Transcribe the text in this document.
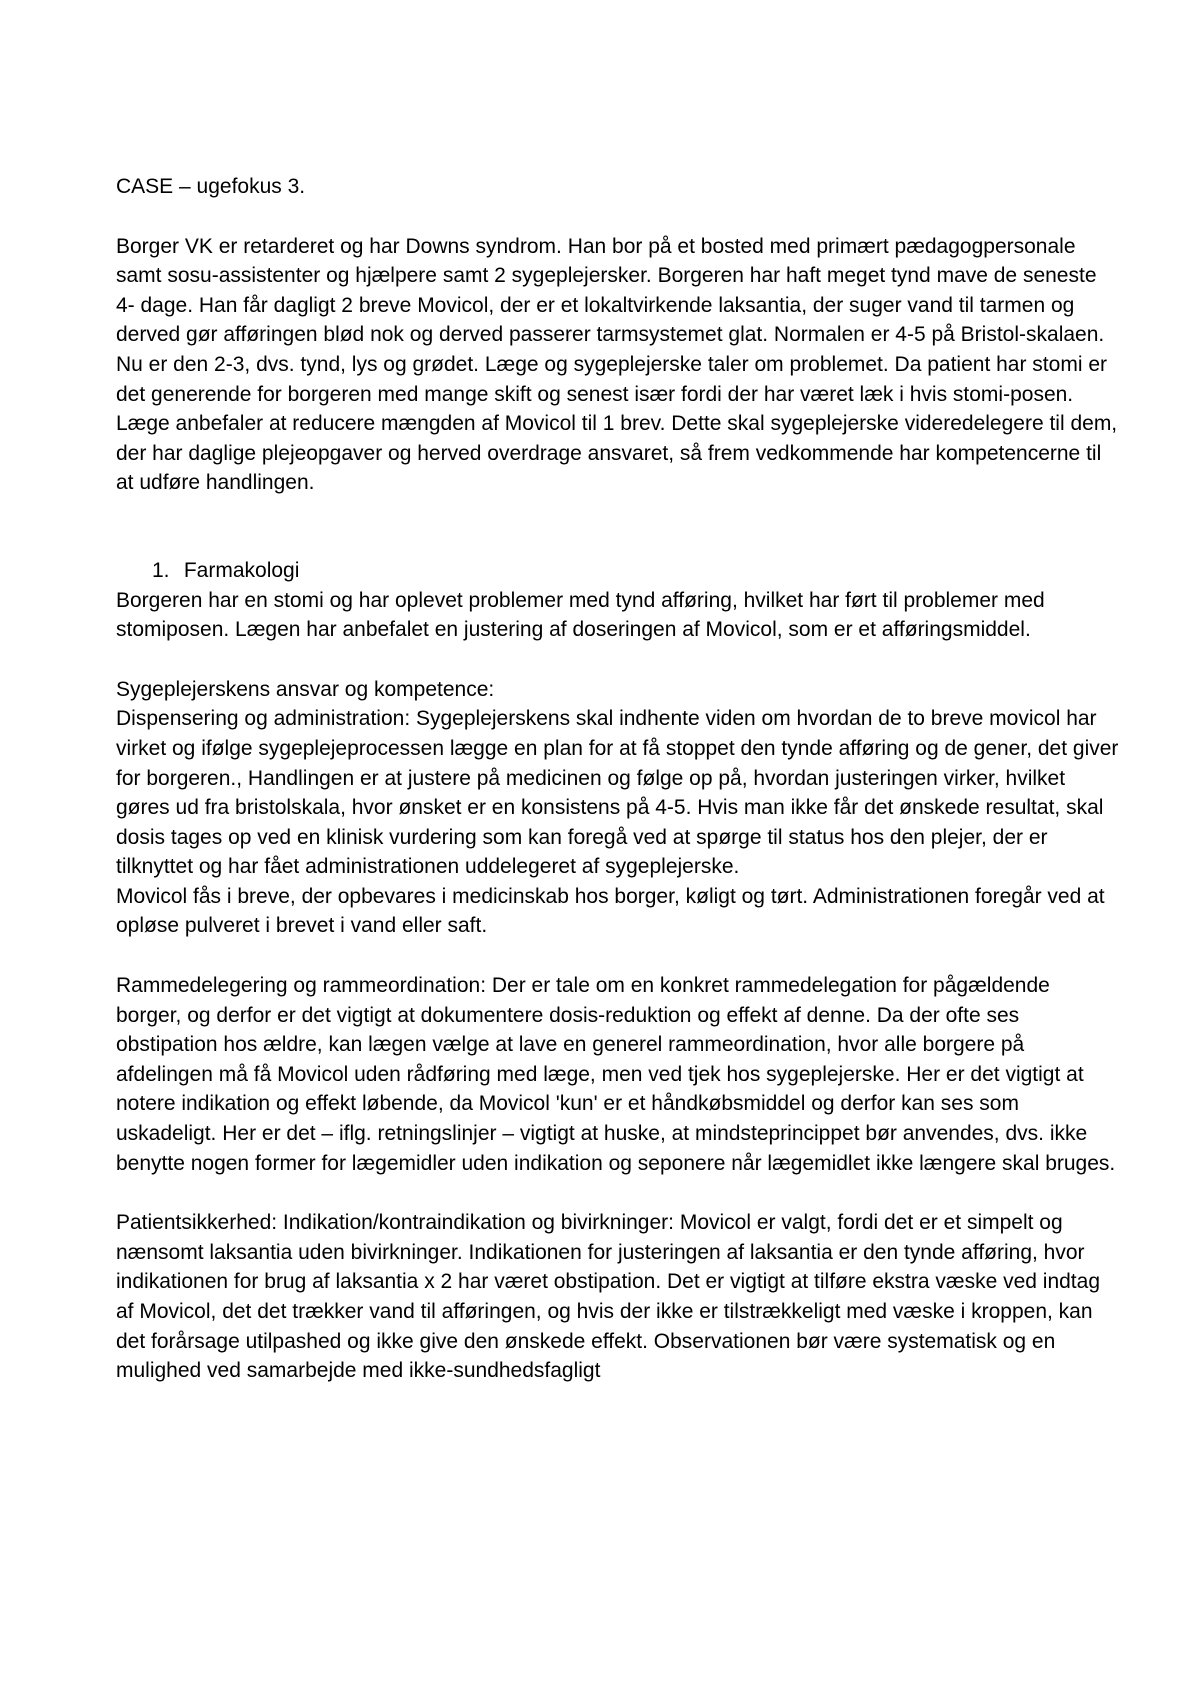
CASE – ugefokus 3.

Borger VK er retarderet og har Downs syndrom. Han bor på et bosted med primært pædagogpersonale samt sosu-assistenter og hjælpere samt 2 sygeplejersker. Borgeren har haft meget tynd mave de seneste 4- dage. Han får dagligt 2 breve Movicol, der er et lokaltvirkende laksantia, der suger vand til tarmen og derved gør afføringen blød nok og derved passerer tarmsystemet glat. Normalen er 4-5 på Bristol-skalaen. Nu er den 2-3, dvs. tynd, lys og grødet. Læge og sygeplejerske taler om problemet. Da patient har stomi er det generende for borgeren med mange skift og senest især fordi der har været læk i hvis stomi-posen.

Læge anbefaler at reducere mængden af Movicol til 1 brev. Dette skal sygeplejerske videredelegere til dem, der har daglige plejeopgaver og herved overdrage ansvaret, så frem vedkommende har kompetencerne til at udføre handlingen.

1. Farmakologi

Borgeren har en stomi og har oplevet problemer med tynd afføring, hvilket har ført til problemer med stomiposen. Lægen har anbefalet en justering af doseringen af Movicol, som er et afføringsmiddel.

Sygeplejerskens ansvar og kompetence:

Dispensering og administration: Sygeplejerskens skal indhente viden om hvordan de to breve movicol har virket og ifølge sygeplejeprocessen lægge en plan for at få stoppet den tynde afføring og de gener, det giver for borgeren., Handlingen er at justere på medicinen og følge op på, hvordan justeringen virker, hvilket gøres ud fra bristolskala, hvor ønsket er en konsistens på 4-5. Hvis man ikke får det ønskede resultat, skal dosis tages op ved en klinisk vurdering som kan foregå ved at spørge til status hos den plejer, der er tilknyttet og har fået administrationen uddelegeret af sygeplejerske.

Movicol fås i breve, der opbevares i medicinskab hos borger, køligt og tørt. Administrationen foregår ved at opløse pulveret i brevet i vand eller saft.

Rammedelegering og rammeordination: Der er tale om en konkret rammedelegation for pågældende borger, og derfor er det vigtigt at dokumentere dosis-reduktion og effekt af denne. Da der ofte ses obstipation hos ældre, kan lægen vælge at lave en generel rammeordination, hvor alle borgere på afdelingen må få Movicol uden rådføring med læge, men ved tjek hos sygeplejerske. Her er det vigtigt at notere indikation og effekt løbende, da Movicol 'kun' er et håndkøbsmiddel og derfor kan ses som uskadeligt. Her er det – iflg. retningslinjer – vigtigt at huske, at mindsteprincippet bør anvendes, dvs. ikke benytte nogen former for lægemidler uden indikation og seponere når lægemidlet ikke længere skal bruges.

Patientsikkerhed: Indikation/kontraindikation og bivirkninger: Movicol er valgt, fordi det er et simpelt og nænsomt laksantia uden bivirkninger. Indikationen for justeringen af laksantia er den tynde afføring, hvor indikationen for brug af laksantia x 2 har været obstipation. Det er vigtigt at tilføre ekstra væske ved indtag af Movicol, det det trækker vand til afføringen, og hvis der ikke er tilstrækkeligt med væske i kroppen, kan det forårsage utilpashed og ikke give den ønskede effekt. Observationen bør være systematisk og en mulighed ved samarbejde med ikke-sundhedsfagligt
